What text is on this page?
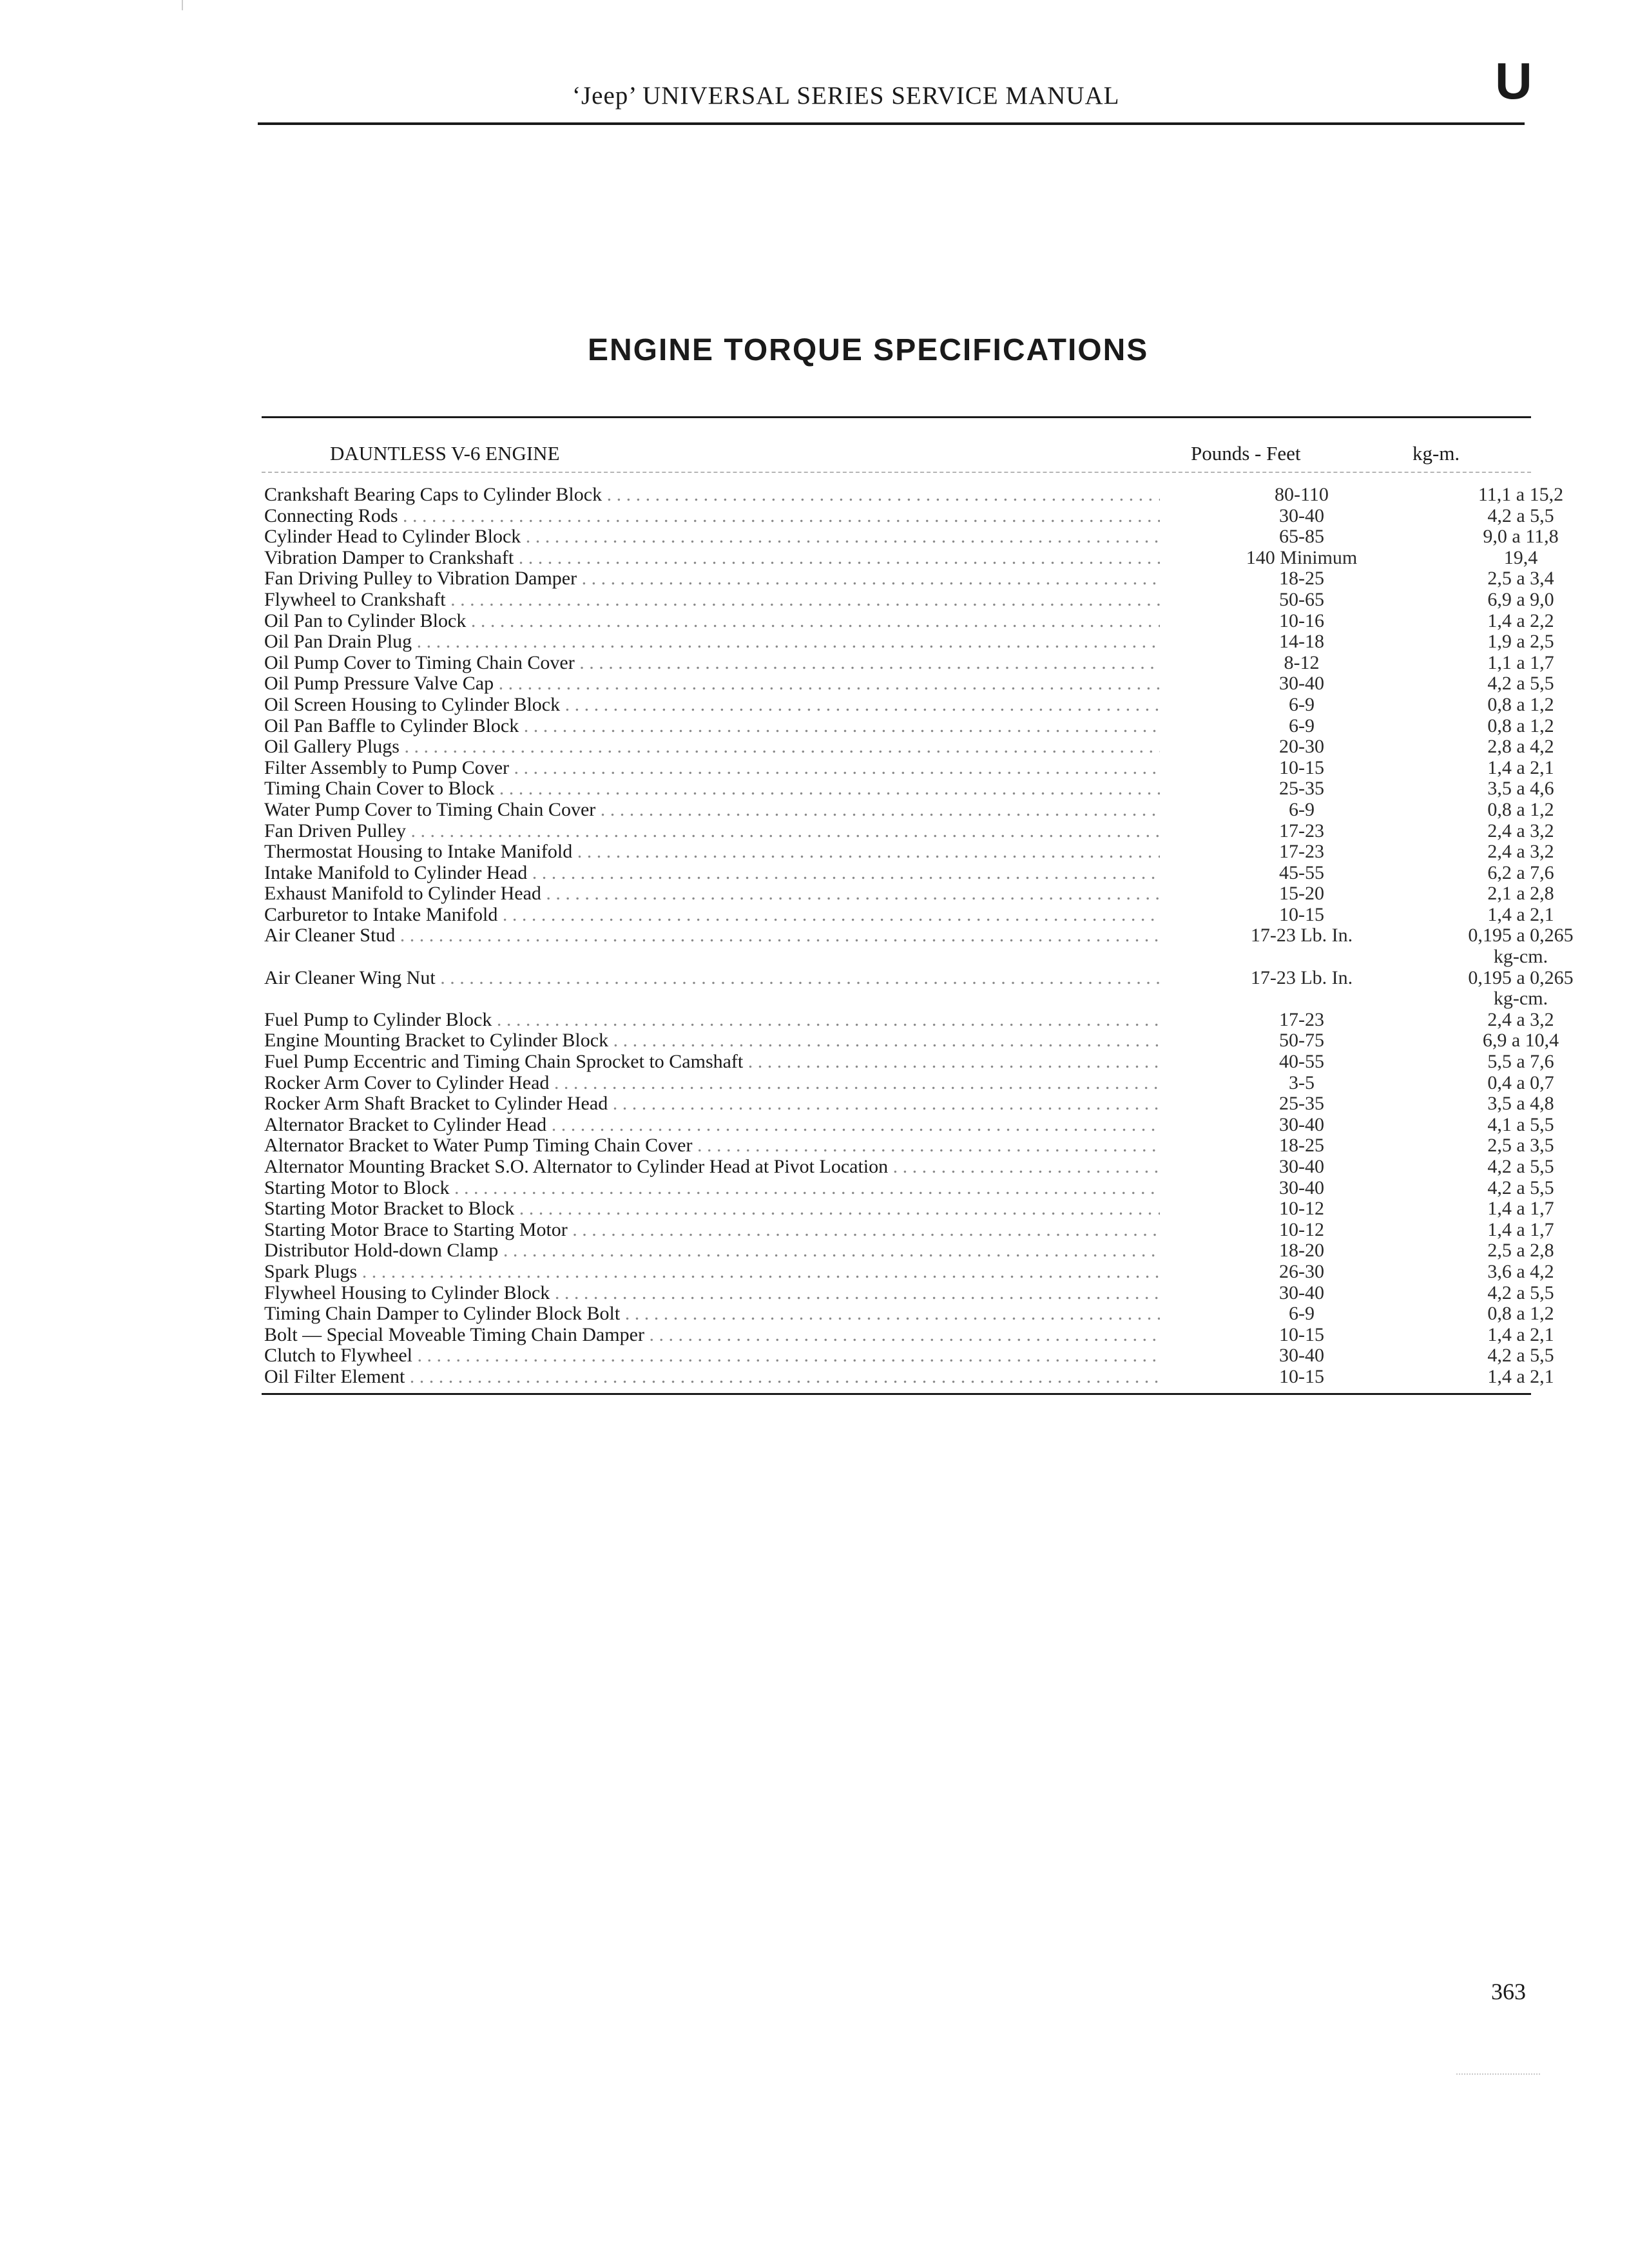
‘Jeep’ UNIVERSAL SERIES SERVICE MANUAL	U
ENGINE TORQUE SPECIFICATIONS
DAUNTLESS V-6 ENGINE	Pounds - Feet	kg-m.
Crankshaft Bearing Caps to Cylinder Block . . .	80-110	11,1 a 15,2
Connecting Rods . . .	30-40	4,2 a 5,5
Cylinder Head to Cylinder Block . . .	65-85	9,0 a 11,8
Vibration Damper to Crankshaft . . .	140 Minimum	19,4
Fan Driving Pulley to Vibration Damper . . .	18-25	2,5 a 3,4
Flywheel to Crankshaft . . .	50-65	6,9 a 9,0
Oil Pan to Cylinder Block . . .	10-16	1,4 a 2,2
Oil Pan Drain Plug . . .	14-18	1,9 a 2,5
Oil Pump Cover to Timing Chain Cover . . .	8-12	1,1 a 1,7
Oil Pump Pressure Valve Cap . . .	30-40	4,2 a 5,5
Oil Screen Housing to Cylinder Block . . .	6-9	0,8 a 1,2
Oil Pan Baffle to Cylinder Block . . .	6-9	0,8 a 1,2
Oil Gallery Plugs . . .	20-30	2,8 a 4,2
Filter Assembly to Pump Cover . . .	10-15	1,4 a 2,1
Timing Chain Cover to Block . . .	25-35	3,5 a 4,6
Water Pump Cover to Timing Chain Cover . . .	6-9	0,8 a 1,2
Fan Driven Pulley . . .	17-23	2,4 a 3,2
Thermostat Housing to Intake Manifold . . .	17-23	2,4 a 3,2
Intake Manifold to Cylinder Head . . .	45-55	6,2 a 7,6
Exhaust Manifold to Cylinder Head . . .	15-20	2,1 a 2,8
Carburetor to Intake Manifold . . .	10-15	1,4 a 2,1
Air Cleaner Stud . . .	17-23 Lb. In.	0,195 a 0,265
kg-cm.
Air Cleaner Wing Nut . . .	17-23 Lb. In.	0,195 a 0,265
kg-cm.
Fuel Pump to Cylinder Block . . .	17-23	2,4 a 3,2
Engine Mounting Bracket to Cylinder Block . . .	50-75	6,9 a 10,4
Fuel Pump Eccentric and Timing Chain Sprocket to Camshaft . . .	40-55	5,5 a 7,6
Rocker Arm Cover to Cylinder Head . . .	3-5	0,4 a 0,7
Rocker Arm Shaft Bracket to Cylinder Head . . .	25-35	3,5 a 4,8
Alternator Bracket to Cylinder Head . . .	30-40	4,1 a 5,5
Alternator Bracket to Water Pump Timing Chain Cover . . .	18-25	2,5 a 3,5
Alternator Mounting Bracket S.O. Alternator to Cylinder Head at Pivot Location . . .	30-40	4,2 a 5,5
Starting Motor to Block . . .	30-40	4,2 a 5,5
Starting Motor Bracket to Block . . .	10-12	1,4 a 1,7
Starting Motor Brace to Starting Motor . . .	10-12	1,4 a 1,7
Distributor Hold-down Clamp . . .	18-20	2,5 a 2,8
Spark Plugs . . .	26-30	3,6 a 4,2
Flywheel Housing to Cylinder Block . . .	30-40	4,2 a 5,5
Timing Chain Damper to Cylinder Block Bolt . . .	6-9	0,8 a 1,2
Bolt — Special Moveable Timing Chain Damper . . .	10-15	1,4 a 2,1
Clutch to Flywheel . . .	30-40	4,2 a 5,5
Oil Filter Element . . .	10-15	1,4 a 2,1
363
